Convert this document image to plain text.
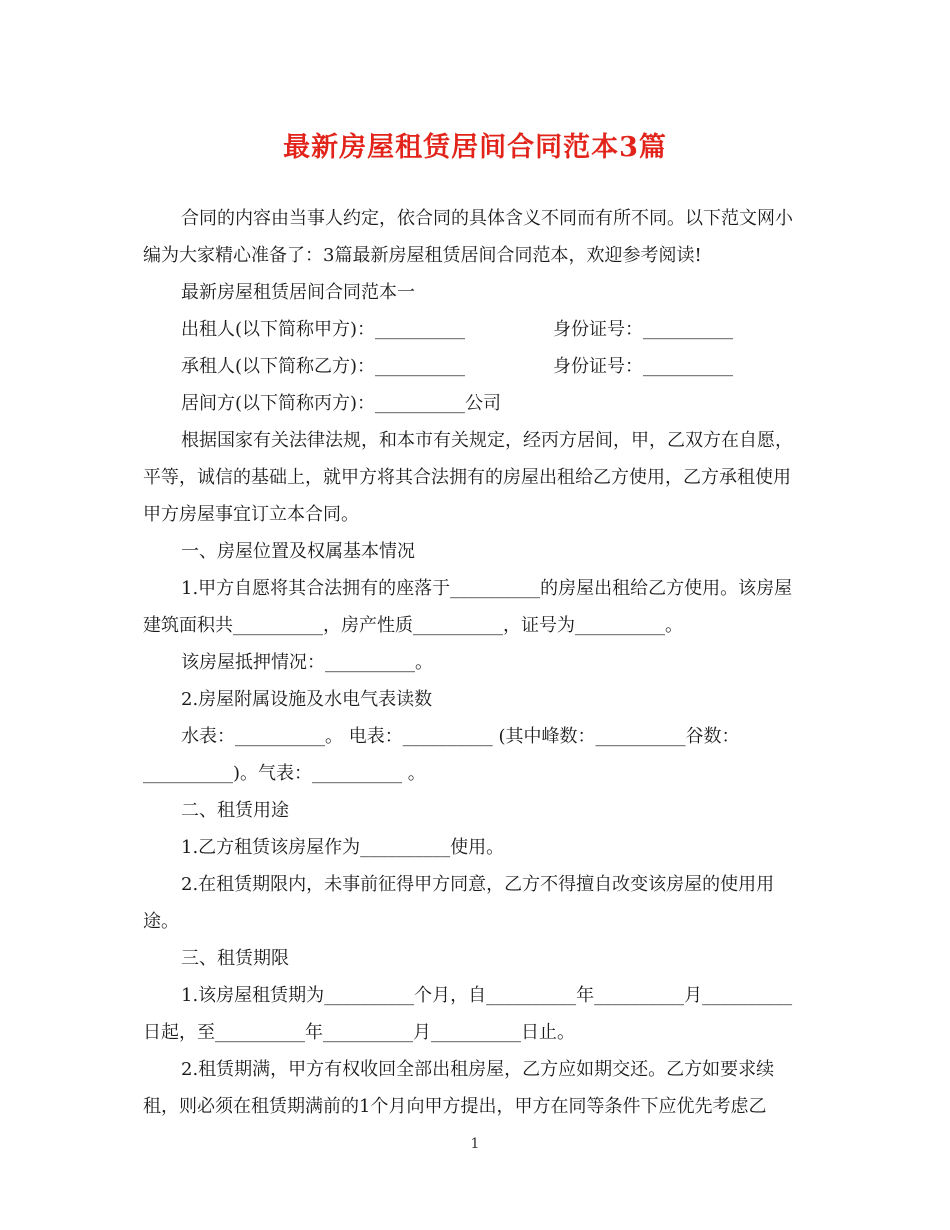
最新房屋租赁居间合同范本3篇

合同的内容由当事人约定，依合同的具体含义不同而有所不同。以下范文网小编为大家精心准备了：3篇最新房屋租赁居间合同范本，欢迎参考阅读!

最新房屋租赁居间合同范本一

出租人(以下简称甲方)：__________	身份证号：__________
承租人(以下简称乙方)：__________	身份证号：__________

居间方(以下简称丙方)：__________公司

根据国家有关法律法规，和本市有关规定，经丙方居间，甲，乙双方在自愿，平等，诚信的基础上，就甲方将其合法拥有的房屋出租给乙方使用，乙方承租使用甲方房屋事宜订立本合同。

一、房屋位置及权属基本情况

1.甲方自愿将其合法拥有的座落于__________的房屋出租给乙方使用。该房屋建筑面积共__________，房产性质__________，证号为__________。

该房屋抵押情况：__________。

2.房屋附属设施及水电气表读数

水表：__________。 电表：__________ (其中峰数：__________谷数：__________)。气表：__________ 。

二、租赁用途

1.乙方租赁该房屋作为__________使用。

2.在租赁期限内，未事前征得甲方同意，乙方不得擅自改变该房屋的使用用途。

三、租赁期限

1.该房屋租赁期为__________个月，自__________年__________月__________日起，至__________年__________月__________日止。

2.租赁期满，甲方有权收回全部出租房屋，乙方应如期交还。乙方如要求续租，则必须在租赁期满前的1个月向甲方提出，甲方在同等条件下应优先考虑乙

1
